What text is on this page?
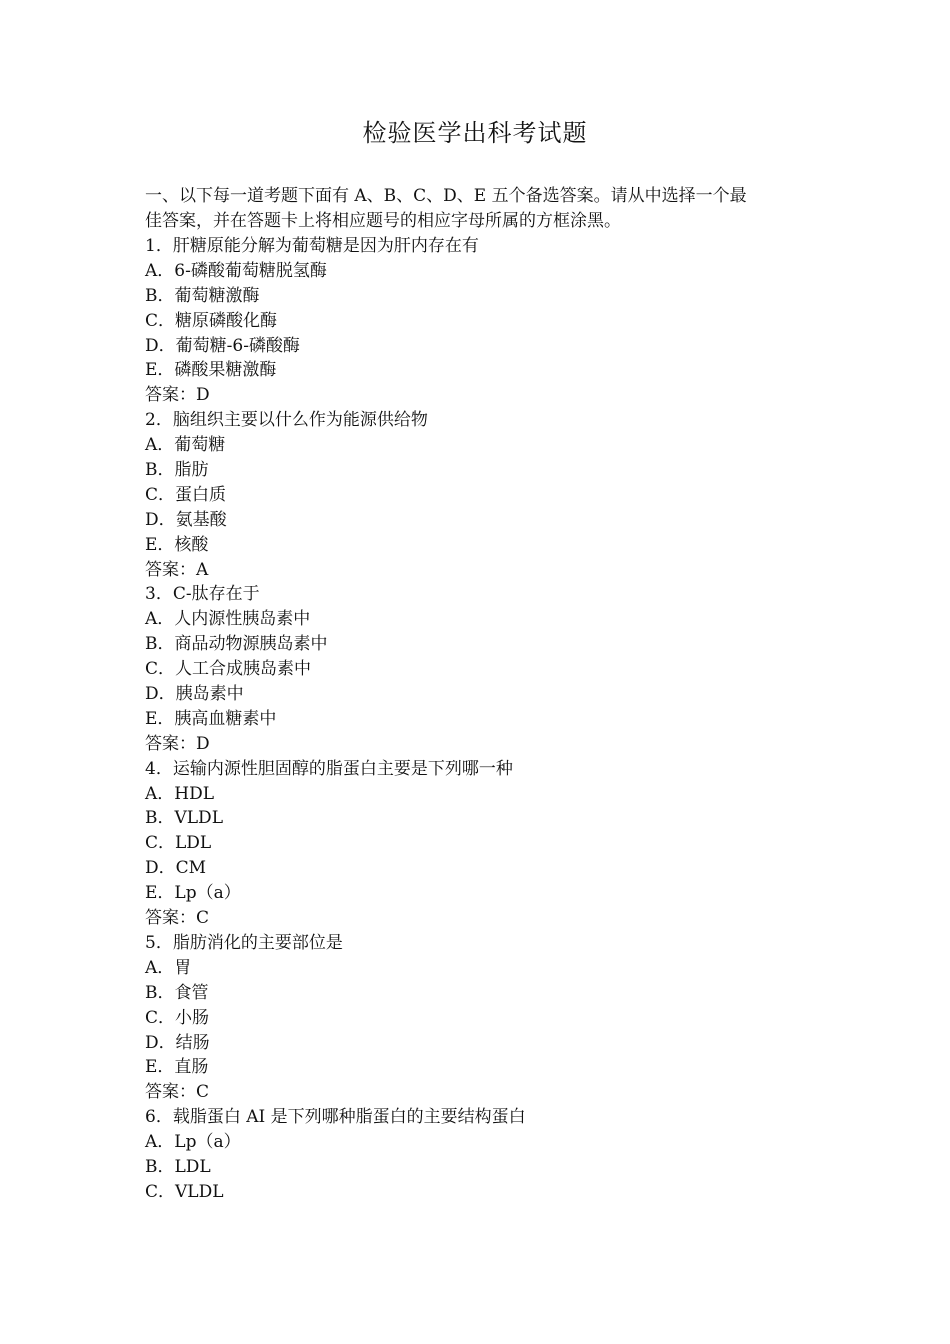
检验医学出科考试题

一、以下每一道考题下面有 A、B、C、D、E 五个备选答案。请从中选择一个最

佳答案，并在答题卡上将相应题号的相应字母所属的方框涂黑。

1．肝糖原能分解为葡萄糖是因为肝内存在有
A．6-磷酸葡萄糖脱氢酶
B．葡萄糖激酶
C．糖原磷酸化酶
D．葡萄糖-6-磷酸酶
E．磷酸果糖激酶
答案：D
2．脑组织主要以什么作为能源供给物
A．葡萄糖
B．脂肪
C．蛋白质
D．氨基酸
E．核酸
答案：A
3．C-肽存在于
A．人内源性胰岛素中
B．商品动物源胰岛素中
C．人工合成胰岛素中
D．胰岛素中
E．胰高血糖素中
答案：D
4．运输内源性胆固醇的脂蛋白主要是下列哪一种
A．HDL
B．VLDL
C．LDL
D．CM
E．Lp（a）
答案：C
5．脂肪消化的主要部位是
A．胃
B．食管
C．小肠
D．结肠
E．直肠
答案：C
6．载脂蛋白 AI 是下列哪种脂蛋白的主要结构蛋白
A．Lp（a）
B．LDL
C．VLDL
